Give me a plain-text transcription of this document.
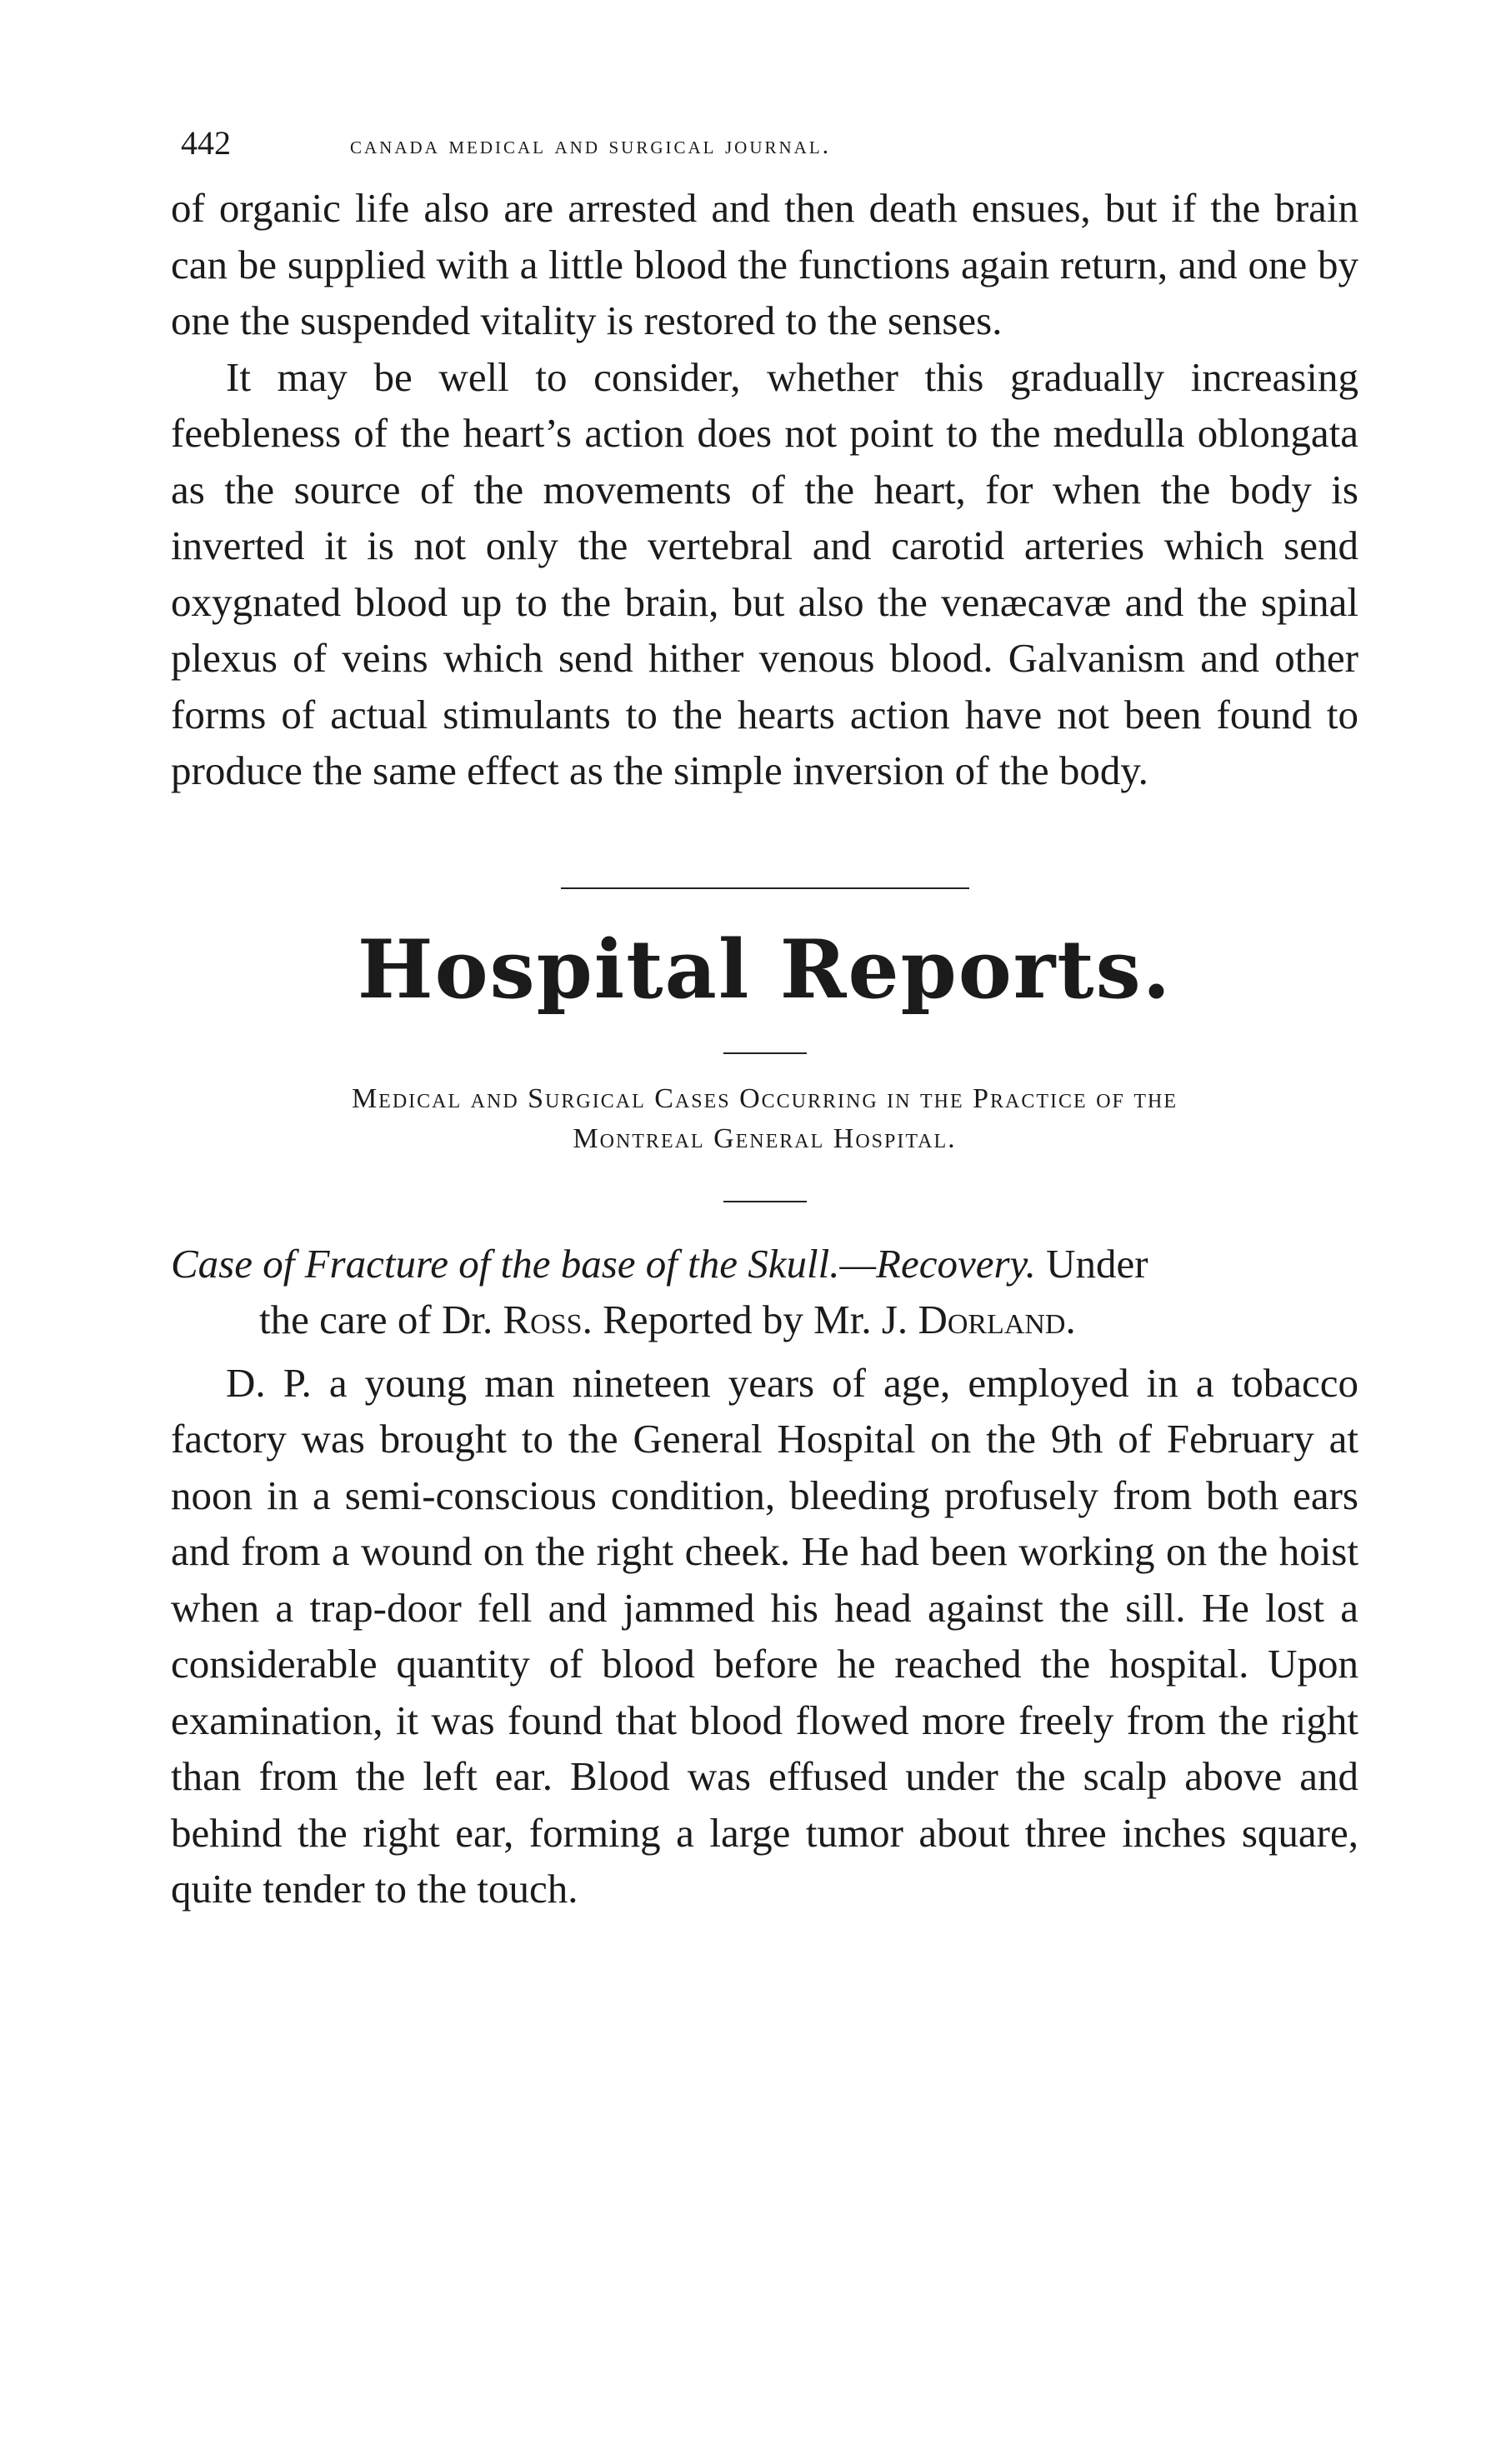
442	canada medical and surgical journal.

of organic life also are arrested and then death ensues, but if the brain can be supplied with a little blood the functions again return, and one by one the suspended vitality is restored to the senses.

It may be well to consider, whether this gradually increasing feebleness of the heart’s action does not point to the medulla oblongata as the source of the movements of the heart, for when the body is inverted it is not only the vertebral and carotid arteries which send oxygnated blood up to the brain, but also the venæcavæ and the spinal plexus of veins which send hither venous blood. Galvanism and other forms of actual stimulants to the hearts action have not been found to produce the same effect as the simple inversion of the body.

Hospital Reports.
Medical and Surgical Cases Occurring in the Practice of the
Montreal General Hospital.

Case of Fracture of the base of the Skull.—Recovery. Under

the care of Dr. Ross. Reported by Mr. J. Dorland.

D. P. a young man nineteen years of age, employed in a tobacco factory was brought to the General Hospital on the 9th of February at noon in a semi-conscious condition, bleeding profusely from both ears and from a wound on the right cheek. He had been working on the hoist when a trap-door fell and jammed his head against the sill. He lost a considerable quantity of blood before he reached the hospital. Upon examination, it was found that blood flowed more freely from the right than from the left ear. Blood was effused under the scalp above and behind the right ear, forming a large tumor about three inches square, quite tender to the touch.
